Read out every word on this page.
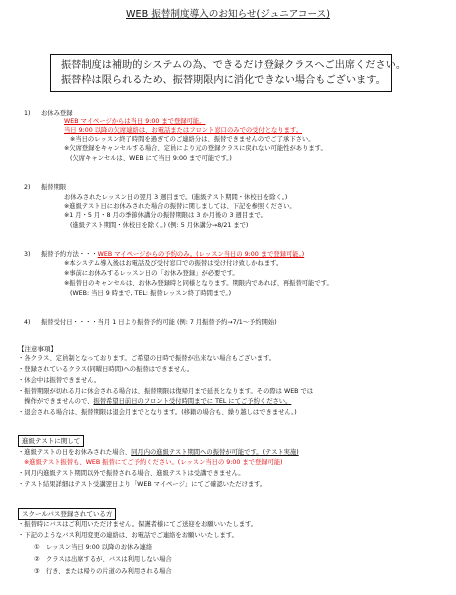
WEB 振替制度導入のお知らせ(ジュニアコース)
振替制度は補助的システムの為、できるだけ登録クラスへご出席ください。
振替枠は限られるため、振替期限内に消化できない場合もございます。
1) お休み登録
WEB マイページからは当日 9:00 まで登録可能。
当日 9:00 以降の欠席連絡は、お電話またはフロント窓口のみでの受付となります。
※当日のレッスン終了時間を過ぎてのご連絡分は、振替できませんのでご了承下さい。
※欠席登録をキャンセルする場合、定員により元の登録クラスに戻れない可能性があります。
(欠席キャンセルは、WEB にて当日 9:00 まで可能です。)
2) 振替期限
お休みされたレッスン日の翌月 3 週目まで。(進級テスト期間・休校日を除く。)
※進級テスト日にお休みされた場合の振替に関しましては、下記を参照ください。
※1 月・5 月・8 月の季節休講分の振替期限は 3 か月後の 3 週目まで。
(進級テスト期間・休校日を除く。) (例: 5 月休講分→8/21 まで)
3) 振替予約方法・・・WEB マイページからの予約のみ。(レッスン当日の 9:00 まで登録可能。)
※本システム導入後はお電話及び受付窓口での振替は受け付け致しかねます。
※事前にお休みするレッスン日の「お休み登録」が必要です。
※振替日のキャンセルは、お休み登録時と同様となります。期限内であれば、再振替可能です。
(WEB: 当日 9 時まで, TEL: 振替レッスン終了時間まで。)
4) 振替受付日・・・・当月 1 日より振替予約可能 (例: 7 月振替予約→7/1～予約開始)
【注意事項】
・各クラス、定員制となっております。ご希望の日時で振替が出来ない場合もございます。
・登録されているクラス(同曜日時間)への振替はできません。
・休会中は振替できません。
・振替期限が切れる月に休会される場合は、振替期限は復帰月まで延長となります。その際は WEB では
　操作ができませんので、振替希望日前日のフロント受付時間までに TEL にてご予約ください。
・退会される場合は、振替期限は退会月までとなります。(移籍の場合も、繰り越しはできません。)
進級テストに関して
・進級テストの日をお休みされた場合、同月内の進級テスト期間への振替が可能です。(テスト実施)
※進級テスト振替も、WEB 振替にてご予約ください。(レッスン当日の 9:00 まで登録可能)
・同月内進級テスト期間以外で振替される場合、進級テストは受講できません。
・テスト結果詳細はテスト受講翌日より「WEB マイページ」にてご確認いただけます。
スクールバス登録されている方
・振替時にバスはご利用いただけません。保護者様にてご送迎をお願いいたします。
・下記のようなバス利用変更の連絡は、お電話でご連絡をお願いいたします。
①　レッスン当日 9:00 以降のお休み連絡
②　クラスは出席するが、バスは利用しない場合
③　行き、または帰りの片道のみ利用される場合
